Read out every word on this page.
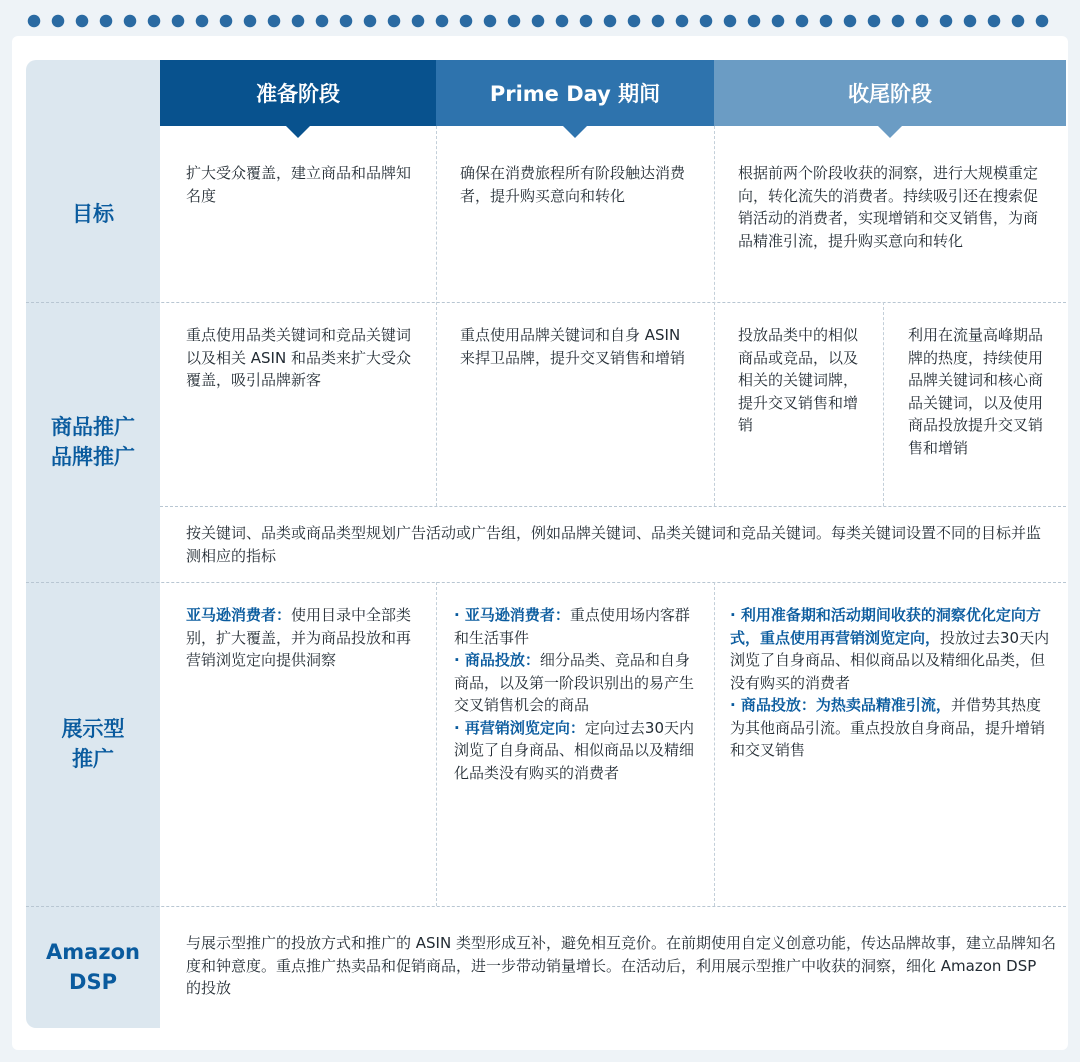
准备阶段	Prime Day 期间	收尾阶段
目标
商品推广
品牌推广
展示型
推广
Amazon
DSP

扩大受众覆盖，建立商品和品牌知名度

确保在消费旅程所有阶段触达消费者，提升购买意向和转化

根据前两个阶段收获的洞察，进行大规模重定向，转化流失的消费者。持续吸引还在搜索促销活动的消费者，实现增销和交叉销售，为商品精准引流，提升购买意向和转化

重点使用品类关键词和竞品关键词以及相关 ASIN 和品类来扩大受众覆盖，吸引品牌新客

重点使用品牌关键词和自身 ASIN 来捍卫品牌，提升交叉销售和增销

投放品类中的相似商品或竞品，以及相关的关键词牌，提升交叉销售和增销

利用在流量高峰期品牌的热度，持续使用品牌关键词和核心商品关键词，以及使用商品投放提升交叉销售和增销

按关键词、品类或商品类型规划广告活动或广告组，例如品牌关键词、品类关键词和竞品关键词。每类关键词设置不同的目标并监测相应的指标

亚马逊消费者：使用目录中全部类别，扩大覆盖，并为商品投放和再营销浏览定向提供洞察

· 亚马逊消费者：重点使用场内客群和生活事件

· 商品投放：细分品类、竞品和自身商品，以及第一阶段识别出的易产生交叉销售机会的商品

· 再营销浏览定向：定向过去30天内浏览了自身商品、相似商品以及精细化品类没有购买的消费者

· 利用准备期和活动期间收获的洞察优化定向方式，重点使用再营销浏览定向，投放过去30天内浏览了自身商品、相似商品以及精细化品类，但没有购买的消费者

· 商品投放：为热卖品精准引流，并借势其热度为其他商品引流。重点投放自身商品，提升增销和交叉销售

与展示型推广的投放方式和推广的 ASIN 类型形成互补，避免相互竞价。在前期使用自定义创意功能，传达品牌故事，建立品牌知名度和钟意度。重点推广热卖品和促销商品，进一步带动销量增长。在活动后，利用展示型推广中收获的洞察，细化 Amazon DSP 的投放
